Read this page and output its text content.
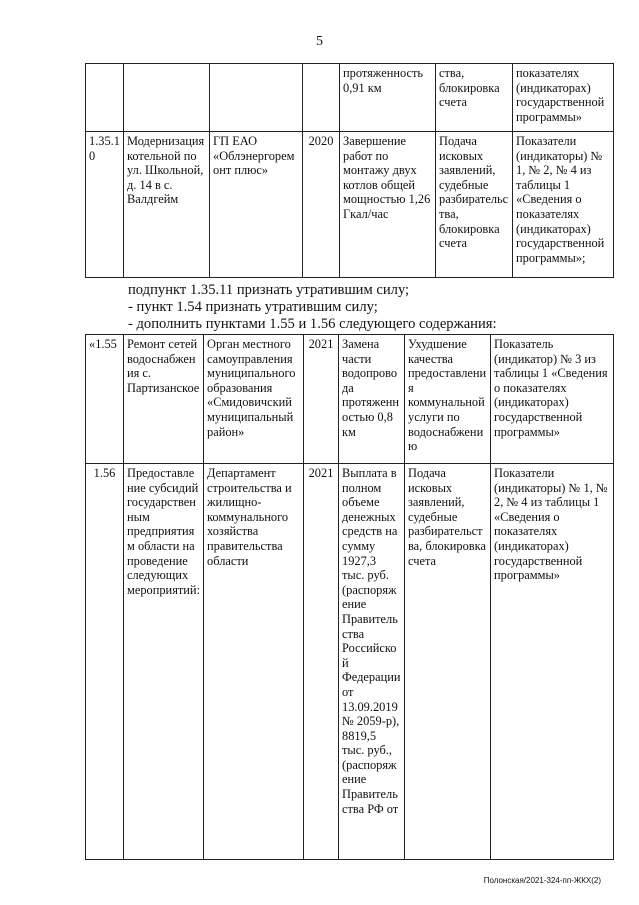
5
				протяженность 0,91 км	ства, блокировка счета	показателях (индикаторах) государственной программы»
1.35.10	Модернизация котельной по ул. Школьной, д. 14 в с. Валдгейм	ГП ЕАО «Облэнергоремонт плюс»	2020	Завершение работ по монтажу двух котлов общей мощностью 1,26 Гкал/час	Подача исковых заявлений, судебные разбирательства, блокировка счета	Показатели (индикаторы) № 1, № 2, № 4 из таблицы 1 «Сведения о показателях (индикаторах) государственной программы»;
подпункт 1.35.11 признать утратившим силу;
- пункт 1.54 признать утратившим силу;
- дополнить пунктами 1.55 и 1.56 следующего содержания:
«1.55	Ремонт сетей водоснабжения с. Партизанское	Орган местного самоуправления муниципального образования «Смидовичский муниципальный район»	2021	Замена части водопровода протяженностью 0,8 км	Ухудшение качества предоставления коммунальной услуги по водоснабжению	Показатель (индикатор) № 3 из таблицы 1 «Сведения о показателях (индикаторах) государственной программы»
1.56	Предоставление субсидий государственным предприятиям области на проведение следующих мероприятий:	Департамент строительства и жилищно-коммунального хозяйства правительства области	2021	Выплата в полном объеме денежных средств на сумму 1927,3 тыс. руб. (распоряжение Правительства Российской Федерации от 13.09.2019 № 2059-р), 8819,5 тыс. руб., (распоряжение Правительства РФ от	Подача исковых заявлений, судебные разбирательства, блокировка счета	Показатели (индикаторы) № 1, № 2, № 4 из таблицы 1 «Сведения о показателях (индикаторах) государственной программы»
Полонская/2021-324-пп-ЖКХ(2)
